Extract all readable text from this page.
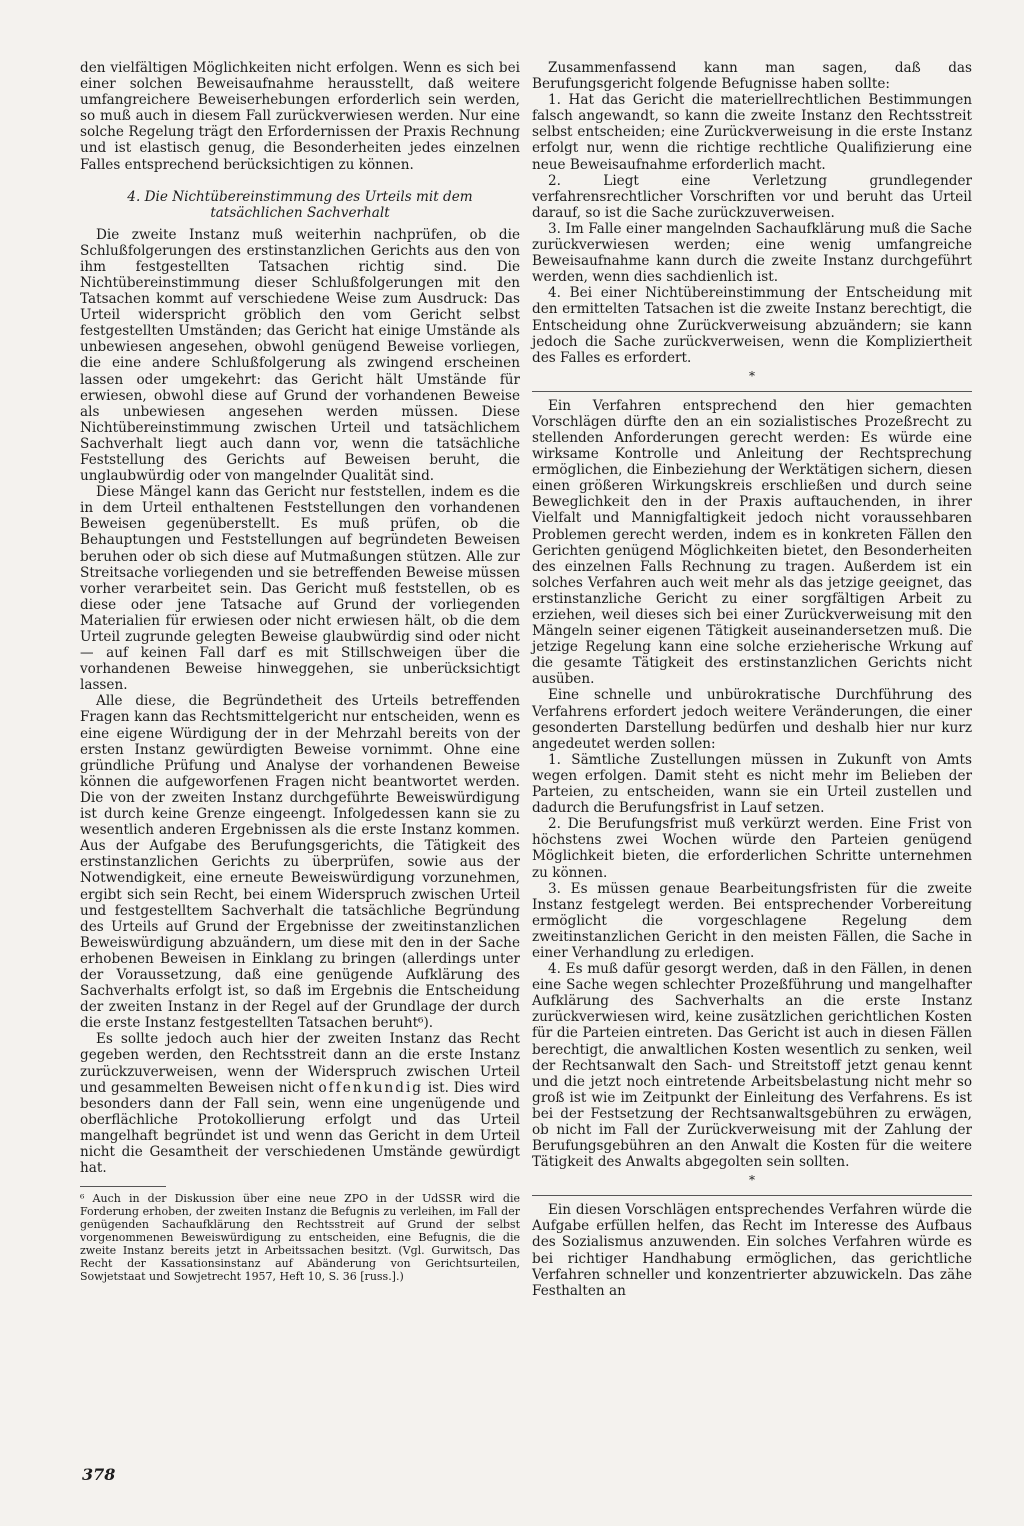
den vielfältigen Möglichkeiten nicht erfolgen. Wenn es sich bei einer solchen Beweisaufnahme herausstellt, daß weitere umfangreichere Beweiserhebungen erforderlich sein werden, so muß auch in diesem Fall zurückverwiesen werden. Nur eine solche Regelung trägt den Erfordernissen der Praxis Rechnung und ist elastisch genug, die Besonderheiten jedes einzelnen Falles entsprechend berücksichtigen zu können.

4. Die Nichtübereinstimmung des Urteils mit dem tatsächlichen Sachverhalt

Die zweite Instanz muß weiterhin nachprüfen, ob die Schlußfolgerungen des erstinstanzlichen Gerichts aus den von ihm festgestellten Tatsachen richtig sind. Die Nichtübereinstimmung dieser Schlußfolgerungen mit den Tatsachen kommt auf verschiedene Weise zum Ausdruck: Das Urteil widerspricht gröblich den vom Gericht selbst festgestellten Umständen; das Gericht hat einige Umstände als unbewiesen angesehen, obwohl genügend Beweise vorliegen, die eine andere Schlußfolgerung als zwingend erscheinen lassen oder umgekehrt: das Gericht hält Umstände für erwiesen, obwohl diese auf Grund der vorhandenen Beweise als unbewiesen angesehen werden müssen. Diese Nichtübereinstimmung zwischen Urteil und tatsächlichem Sachverhalt liegt auch dann vor, wenn die tatsächliche Feststellung des Gerichts auf Beweisen beruht, die unglaubwürdig oder von mangelnder Qualität sind.

Diese Mängel kann das Gericht nur feststellen, indem es die in dem Urteil enthaltenen Feststellungen den vorhandenen Beweisen gegenüberstellt. Es muß prüfen, ob die Behauptungen und Feststellungen auf begründeten Beweisen beruhen oder ob sich diese auf Mutmaßungen stützen. Alle zur Streitsache vorliegenden und sie betreffenden Beweise müssen vorher verarbeitet sein. Das Gericht muß feststellen, ob es diese oder jene Tatsache auf Grund der vorliegenden Materialien für erwiesen oder nicht erwiesen hält, ob die dem Urteil zugrunde gelegten Beweise glaubwürdig sind oder nicht — auf keinen Fall darf es mit Stillschweigen über die vorhandenen Beweise hinweggehen, sie unberücksichtigt lassen.

Alle diese, die Begründetheit des Urteils betreffenden Fragen kann das Rechtsmittelgericht nur entscheiden, wenn es eine eigene Würdigung der in der Mehrzahl bereits von der ersten Instanz gewürdigten Beweise vornimmt. Ohne eine gründliche Prüfung und Analyse der vorhandenen Beweise können die aufgeworfenen Fragen nicht beantwortet werden. Die von der zweiten Instanz durchgeführte Beweiswürdigung ist durch keine Grenze eingeengt. Infolgedessen kann sie zu wesentlich anderen Ergebnissen als die erste Instanz kommen. Aus der Aufgabe des Berufungsgerichts, die Tätigkeit des erstinstanzlichen Gerichts zu überprüfen, sowie aus der Notwendigkeit, eine erneute Beweiswürdigung vorzunehmen, ergibt sich sein Recht, bei einem Widerspruch zwischen Urteil und festgestelltem Sachverhalt die tatsächliche Begründung des Urteils auf Grund der Ergebnisse der zweitinstanzlichen Beweiswürdigung abzuändern, um diese mit den in der Sache erhobenen Beweisen in Einklang zu bringen (allerdings unter der Voraussetzung, daß eine genügende Aufklärung des Sachverhalts erfolgt ist, so daß im Ergebnis die Entscheidung der zweiten Instanz in der Regel auf der Grundlage der durch die erste Instanz festgestellten Tatsachen beruht⁶).

Es sollte jedoch auch hier der zweiten Instanz das Recht gegeben werden, den Rechtsstreit dann an die erste Instanz zurückzuverweisen, wenn der Widerspruch zwischen Urteil und gesammelten Beweisen nicht offenkundig ist. Dies wird besonders dann der Fall sein, wenn eine ungenügende und oberflächliche Protokollierung erfolgt und das Urteil mangelhaft begründet ist und wenn das Gericht in dem Urteil nicht die Gesamtheit der verschiedenen Umstände gewürdigt hat.

⁶ Auch in der Diskussion über eine neue ZPO in der UdSSR wird die Forderung erhoben, der zweiten Instanz die Befugnis zu verleihen, im Fall der genügenden Sachaufklärung den Rechtsstreit auf Grund der selbst vorgenommenen Beweiswürdigung zu entscheiden, eine Befugnis, die die zweite Instanz bereits jetzt in Arbeitssachen besitzt. (Vgl. Gurwitsch, Das Recht der Kassationsinstanz auf Abänderung von Gerichtsurteilen, Sowjetstaat und Sowjetrecht 1957, Heft 10, S. 36 [russ.].)

Zusammenfassend kann man sagen, daß das Berufungsgericht folgende Befugnisse haben sollte:

1. Hat das Gericht die materiellrechtlichen Bestimmungen falsch angewandt, so kann die zweite Instanz den Rechtsstreit selbst entscheiden; eine Zurückverweisung in die erste Instanz erfolgt nur, wenn die richtige rechtliche Qualifizierung eine neue Beweisaufnahme erforderlich macht.

2. Liegt eine Verletzung grundlegender verfahrensrechtlicher Vorschriften vor und beruht das Urteil darauf, so ist die Sache zurückzuverweisen.

3. Im Falle einer mangelnden Sachaufklärung muß die Sache zurückverwiesen werden; eine wenig umfangreiche Beweisaufnahme kann durch die zweite Instanz durchgeführt werden, wenn dies sachdienlich ist.

4. Bei einer Nichtübereinstimmung der Entscheidung mit den ermittelten Tatsachen ist die zweite Instanz berechtigt, die Entscheidung ohne Zurückverweisung abzuändern; sie kann jedoch die Sache zurückverweisen, wenn die Kompliziertheit des Falles es erfordert.

*

Ein Verfahren entsprechend den hier gemachten Vorschlägen dürfte den an ein sozialistisches Prozeßrecht zu stellenden Anforderungen gerecht werden: Es würde eine wirksame Kontrolle und Anleitung der Rechtsprechung ermöglichen, die Einbeziehung der Werktätigen sichern, diesen einen größeren Wirkungskreis erschließen und durch seine Beweglichkeit den in der Praxis auftauchenden, in ihrer Vielfalt und Mannigfaltigkeit jedoch nicht voraussehbaren Problemen gerecht werden, indem es in konkreten Fällen den Gerichten genügend Möglichkeiten bietet, den Besonderheiten des einzelnen Falls Rechnung zu tragen. Außerdem ist ein solches Verfahren auch weit mehr als das jetzige geeignet, das erstinstanzliche Gericht zu einer sorgfältigen Arbeit zu erziehen, weil dieses sich bei einer Zurückverweisung mit den Mängeln seiner eigenen Tätigkeit auseinandersetzen muß. Die jetzige Regelung kann eine solche erzieherische Wrkung auf die gesamte Tätigkeit des erstinstanzlichen Gerichts nicht ausüben.

Eine schnelle und unbürokratische Durchführung des Verfahrens erfordert jedoch weitere Veränderungen, die einer gesonderten Darstellung bedürfen und deshalb hier nur kurz angedeutet werden sollen:

1. Sämtliche Zustellungen müssen in Zukunft von Amts wegen erfolgen. Damit steht es nicht mehr im Belieben der Parteien, zu entscheiden, wann sie ein Urteil zustellen und dadurch die Berufungsfrist in Lauf setzen.

2. Die Berufungsfrist muß verkürzt werden. Eine Frist von höchstens zwei Wochen würde den Parteien genügend Möglichkeit bieten, die erforderlichen Schritte unternehmen zu können.

3. Es müssen genaue Bearbeitungsfristen für die zweite Instanz festgelegt werden. Bei entsprechender Vorbereitung ermöglicht die vorgeschlagene Regelung dem zweitinstanzlichen Gericht in den meisten Fällen, die Sache in einer Verhandlung zu erledigen.

4. Es muß dafür gesorgt werden, daß in den Fällen, in denen eine Sache wegen schlechter Prozeßführung und mangelhafter Aufklärung des Sachverhalts an die erste Instanz zurückverwiesen wird, keine zusätzlichen gerichtlichen Kosten für die Parteien eintreten. Das Gericht ist auch in diesen Fällen berechtigt, die anwaltlichen Kosten wesentlich zu senken, weil der Rechtsanwalt den Sach- und Streitstoff jetzt genau kennt und die jetzt noch eintretende Arbeitsbelastung nicht mehr so groß ist wie im Zeitpunkt der Einleitung des Verfahrens. Es ist bei der Festsetzung der Rechtsanwaltsgebühren zu erwägen, ob nicht im Fall der Zurückverweisung mit der Zahlung der Berufungsgebühren an den Anwalt die Kosten für die weitere Tätigkeit des Anwalts abgegolten sein sollten.

*

Ein diesen Vorschlägen entsprechendes Verfahren würde die Aufgabe erfüllen helfen, das Recht im Interesse des Aufbaus des Sozialismus anzuwenden. Ein solches Verfahren würde es bei richtiger Handhabung ermöglichen, das gerichtliche Verfahren schneller und konzentrierter abzuwickeln. Das zähe Festhalten an

378
